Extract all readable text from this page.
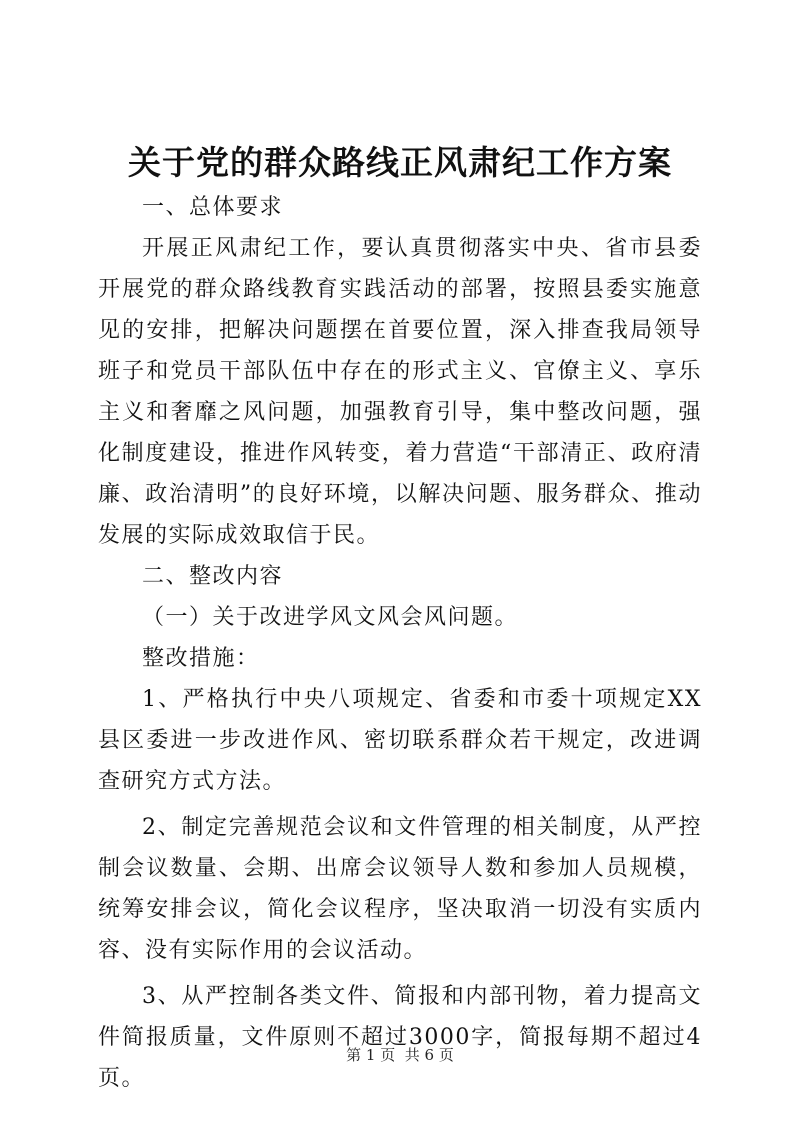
关于党的群众路线正风肃纪工作方案

一、总体要求

开展正风肃纪工作，要认真贯彻落实中央、省市县委开展党的群众路线教育实践活动的部署，按照县委实施意见的安排，把解决问题摆在首要位置，深入排查我局领导班子和党员干部队伍中存在的形式主义、官僚主义、享乐主义和奢靡之风问题，加强教育引导，集中整改问题，强化制度建设，推进作风转变，着力营造“干部清正、政府清廉、政治清明”的良好环境，以解决问题、服务群众、推动发展的实际成效取信于民。

二、整改内容

（一）关于改进学风文风会风问题。

整改措施：

1、严格执行中央八项规定、省委和市委十项规定XX县区委进一步改进作风、密切联系群众若干规定，改进调查研究方式方法。

2、制定完善规范会议和文件管理的相关制度，从严控制会议数量、会期、出席会议领导人数和参加人员规模，统筹安排会议，简化会议程序，坚决取消一切没有实质内容、没有实际作用的会议活动。

3、从严控制各类文件、简报和内部刊物，着力提高文件简报质量，文件原则不超过3000字，简报每期不超过4页。

第 1 页  共 6 页
